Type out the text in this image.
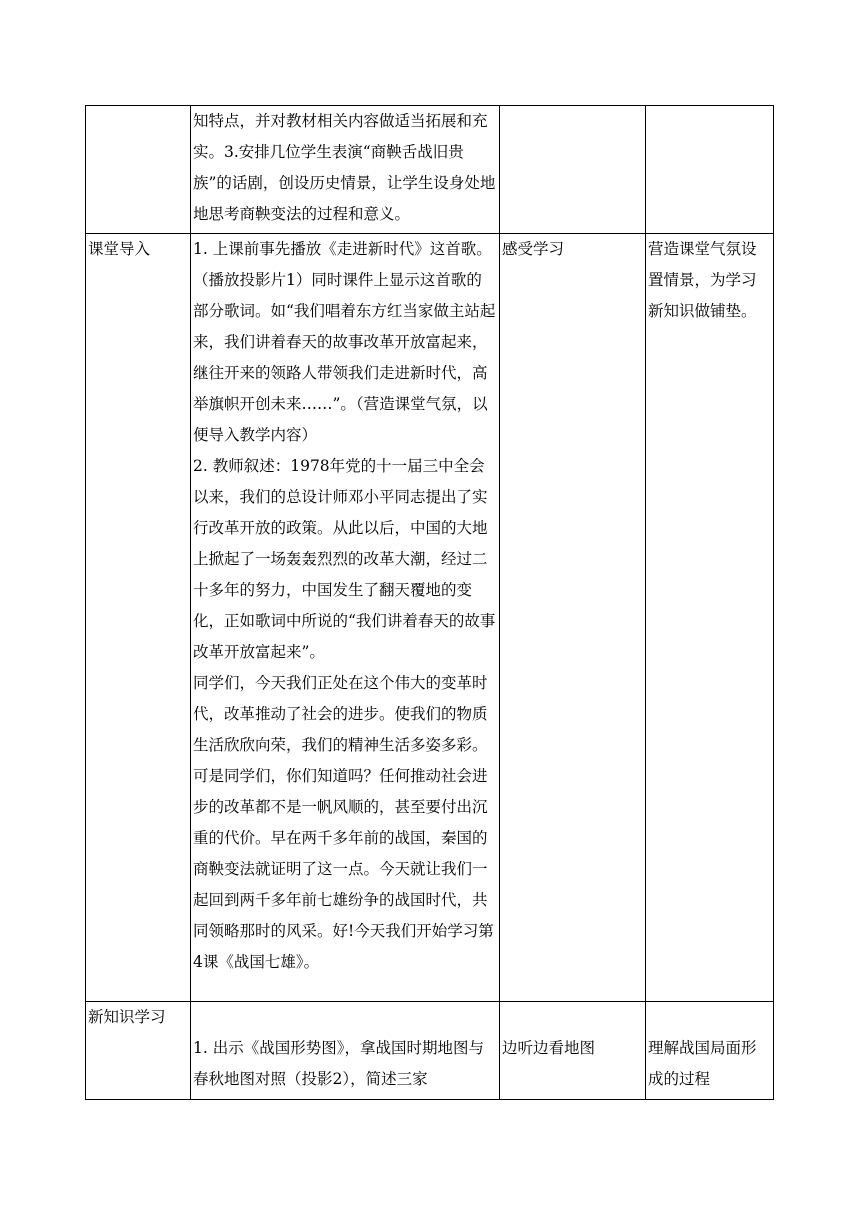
	知特点，并对教材相关内容做适当拓展和充实。3.安排几位学生表演“商鞅舌战旧贵族”的话剧，创设历史情景，让学生设身处地地思考商鞅变法的过程和意义。		

课堂导入	1. 上课前事先播放《走进新时代》这首歌。（播放投影片1）同时课件上显示这首歌的部分歌词。如“我们唱着东方红当家做主站起来，我们讲着春天的故事改革开放富起来，继往开来的领路人带领我们走进新时代，高举旗帜开创未来……”。（营造课堂气氛，以便导入教学内容）

2. 教师叙述：1978年党的十一届三中全会以来，我们的总设计师邓小平同志提出了实行改革开放的政策。从此以后，中国的大地上掀起了一场轰轰烈烈的改革大潮，经过二十多年的努力，中国发生了翻天覆地的变化，正如歌词中所说的“我们讲着春天的故事改革开放富起来”。

同学们，今天我们正处在这个伟大的变革时代，改革推动了社会的进步。使我们的物质生活欣欣向荣，我们的精神生活多姿多彩。可是同学们，你们知道吗？任何推动社会进步的改革都不是一帆风顺的，甚至要付出沉重的代价。早在两千多年前的战国，秦国的商鞅变法就证明了这一点。今天就让我们一起回到两千多年前七雄纷争的战国时代，共同领略那时的风采。好!今天我们开始学习第4课《战国七雄》。	感受学习	营造课堂气氛设置情景，为学习新知识做铺垫。
新知识学习	1. 出示《战国形势图》，拿战国时期地图与春秋地图对照（投影2），简述三家	边听边看地图	理解战国局面形成的过程
